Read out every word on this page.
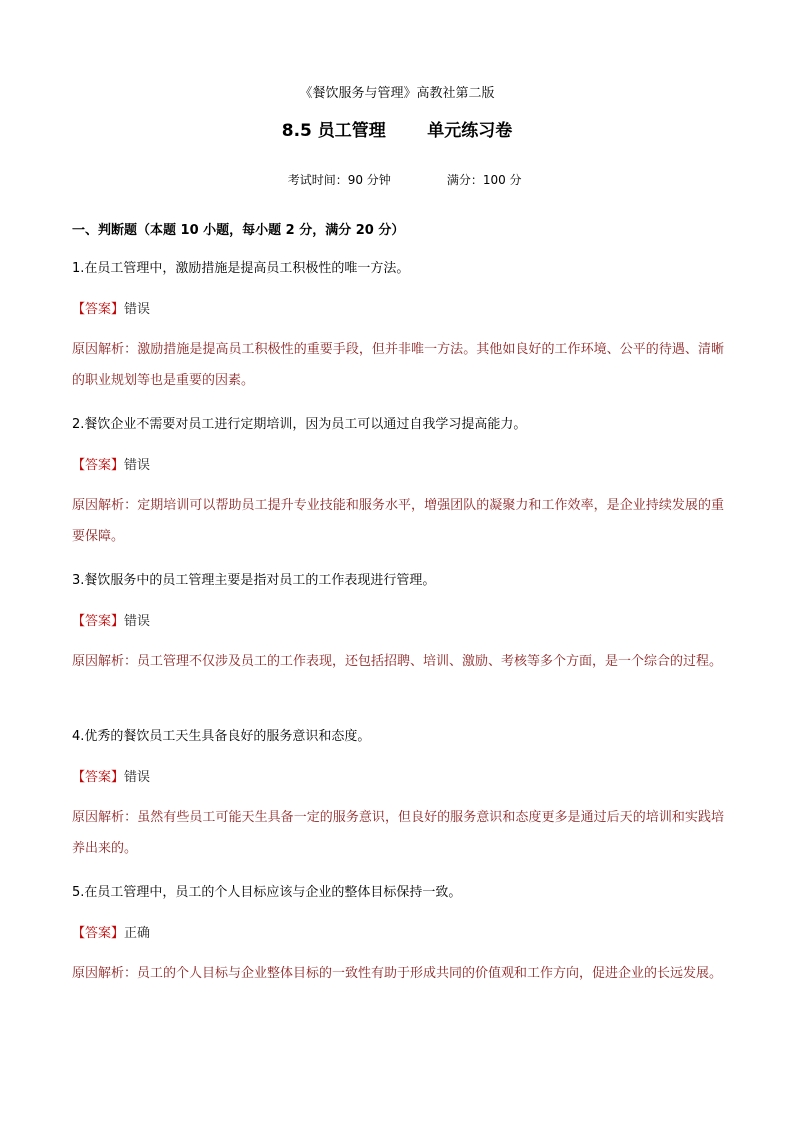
《餐饮服务与管理》高教社第二版
8.5 员工管理       单元练习卷

考试时间：90 分钟	满分：100 分

一、判断题（本题 10 小题，每小题 2 分，满分 20 分）

1.在员工管理中，激励措施是提高员工积极性的唯一方法。

【答案】错误

原因解析：激励措施是提高员工积极性的重要手段，但并非唯一方法。其他如良好的工作环境、公平的待遇、清晰的职业规划等也是重要的因素。

2.餐饮企业不需要对员工进行定期培训，因为员工可以通过自我学习提高能力。

【答案】错误

原因解析：定期培训可以帮助员工提升专业技能和服务水平，增强团队的凝聚力和工作效率，是企业持续发展的重要保障。

3.餐饮服务中的员工管理主要是指对员工的工作表现进行管理。

【答案】错误

原因解析：员工管理不仅涉及员工的工作表现，还包括招聘、培训、激励、考核等多个方面，是一个综合的过程。

4.优秀的餐饮员工天生具备良好的服务意识和态度。

【答案】错误

原因解析：虽然有些员工可能天生具备一定的服务意识，但良好的服务意识和态度更多是通过后天的培训和实践培养出来的。

5.在员工管理中，员工的个人目标应该与企业的整体目标保持一致。

【答案】正确

原因解析：员工的个人目标与企业整体目标的一致性有助于形成共同的价值观和工作方向，促进企业的长远发展。
